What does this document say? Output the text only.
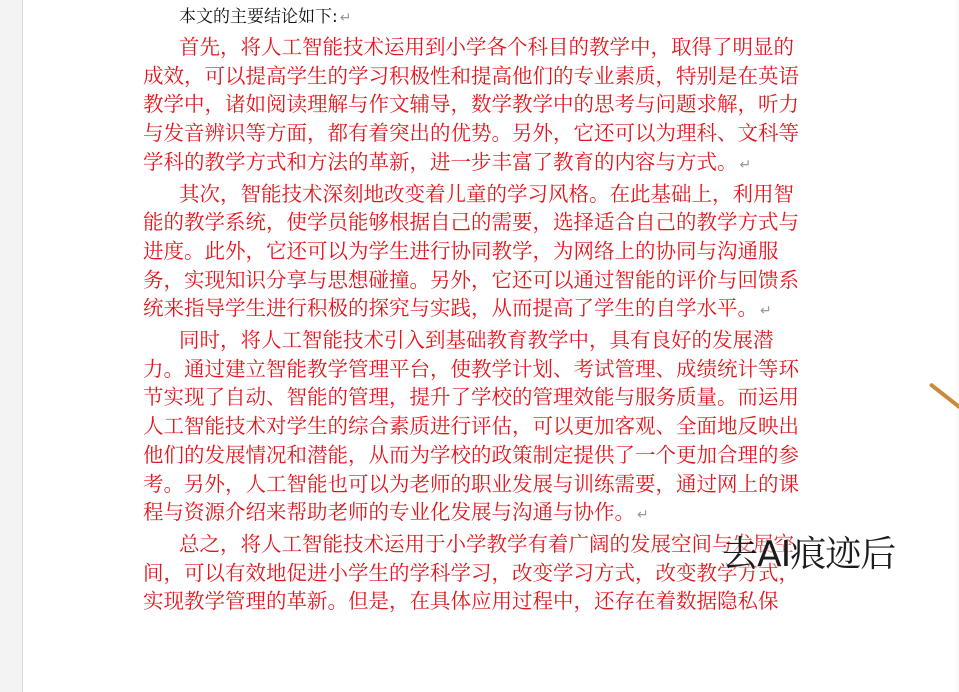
本文的主要结论如下: ↵

首先，将人工智能技术运用到小学各个科目的教学中，取得了明显的
成效，可以提高学生的学习积极性和提高他们的专业素质，特别是在英语
教学中，诸如阅读理解与作文辅导，数学教学中的思考与问题求解，听力
与发音辨识等方面，都有着突出的优势。另外，它还可以为理科、文科等
学科的教学方式和方法的革新，进一步丰富了教育的内容与方式。 ↵

其次，智能技术深刻地改变着儿童的学习风格。在此基础上，利用智
能的教学系统，使学员能够根据自己的需要，选择适合自己的教学方式与
进度。此外，它还可以为学生进行协同教学，为网络上的协同与沟通服
务，实现知识分享与思想碰撞。另外，它还可以通过智能的评价与回馈系
统来指导学生进行积极的探究与实践，从而提高了学生的自学水平。 ↵

同时，将人工智能技术引入到基础教育教学中，具有良好的发展潜
力。通过建立智能教学管理平台，使教学计划、考试管理、成绩统计等环
节实现了自动、智能的管理，提升了学校的管理效能与服务质量。而运用
人工智能技术对学生的综合素质进行评估，可以更加客观、全面地反映出
他们的发展情况和潜能，从而为学校的政策制定提供了一个更加合理的参
考。另外，人工智能也可以为老师的职业发展与训练需要，通过网上的课
程与资源介绍来帮助老师的专业化发展与沟通与协作。 ↵

总之，将人工智能技术运用于小学教学有着广阔的发展空间与发展空
间，可以有效地促进小学生的学科学习，改变学习方式，改变教学方式，
实现教学管理的革新。但是，在具体应用过程中，还存在着数据隐私保

去AI痕迹后
